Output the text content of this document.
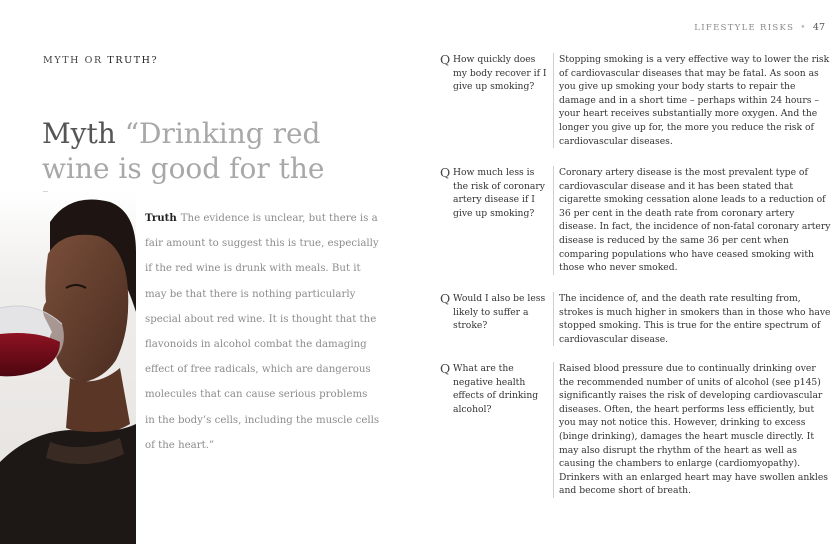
LIFESTYLE RISKS • 47
MYTH OR TRUTH?
Myth “Drinking red wine is good for the
Truth The evidence is unclear, but there is a fair amount to suggest this is true, especially if the red wine is drunk with meals. But it may be that there is nothing particularly special about red wine. It is thought that the flavonoids in alcohol combat the damaging effect of free radicals, which are dangerous molecules that can cause serious problems in the body’s cells, including the muscle cells of the heart.”
Q How quickly does my body recover if I give up smoking?
Stopping smoking is a very effective way to lower the risk of cardiovascular diseases that may be fatal. As soon as you give up smoking your body starts to repair the damage and in a short time – perhaps within 24 hours – your heart receives substantially more oxygen. And the longer you give up for, the more you reduce the risk of cardiovascular diseases.
Q How much less is the risk of coronary artery disease if I give up smoking?
Coronary artery disease is the most prevalent type of cardiovascular disease and it has been stated that cigarette smoking cessation alone leads to a reduction of 36 per cent in the death rate from coronary artery disease. In fact, the incidence of non-fatal coronary artery disease is reduced by the same 36 per cent when comparing populations who have ceased smoking with those who never smoked.
Q Would I also be less likely to suffer a stroke?
The incidence of, and the death rate resulting from, strokes is much higher in smokers than in those who have stopped smoking. This is true for the entire spectrum of cardiovascular disease.
Q What are the negative health effects of drinking alcohol?
Raised blood pressure due to continually drinking over the recommended number of units of alcohol (see p145) significantly raises the risk of developing cardiovascular diseases. Often, the heart performs less efficiently, but you may not notice this. However, drinking to excess (binge drinking), damages the heart muscle directly. It may also disrupt the rhythm of the heart as well as causing the chambers to enlarge (cardiomyopathy). Drinkers with an enlarged heart may have swollen ankles and become short of breath.
